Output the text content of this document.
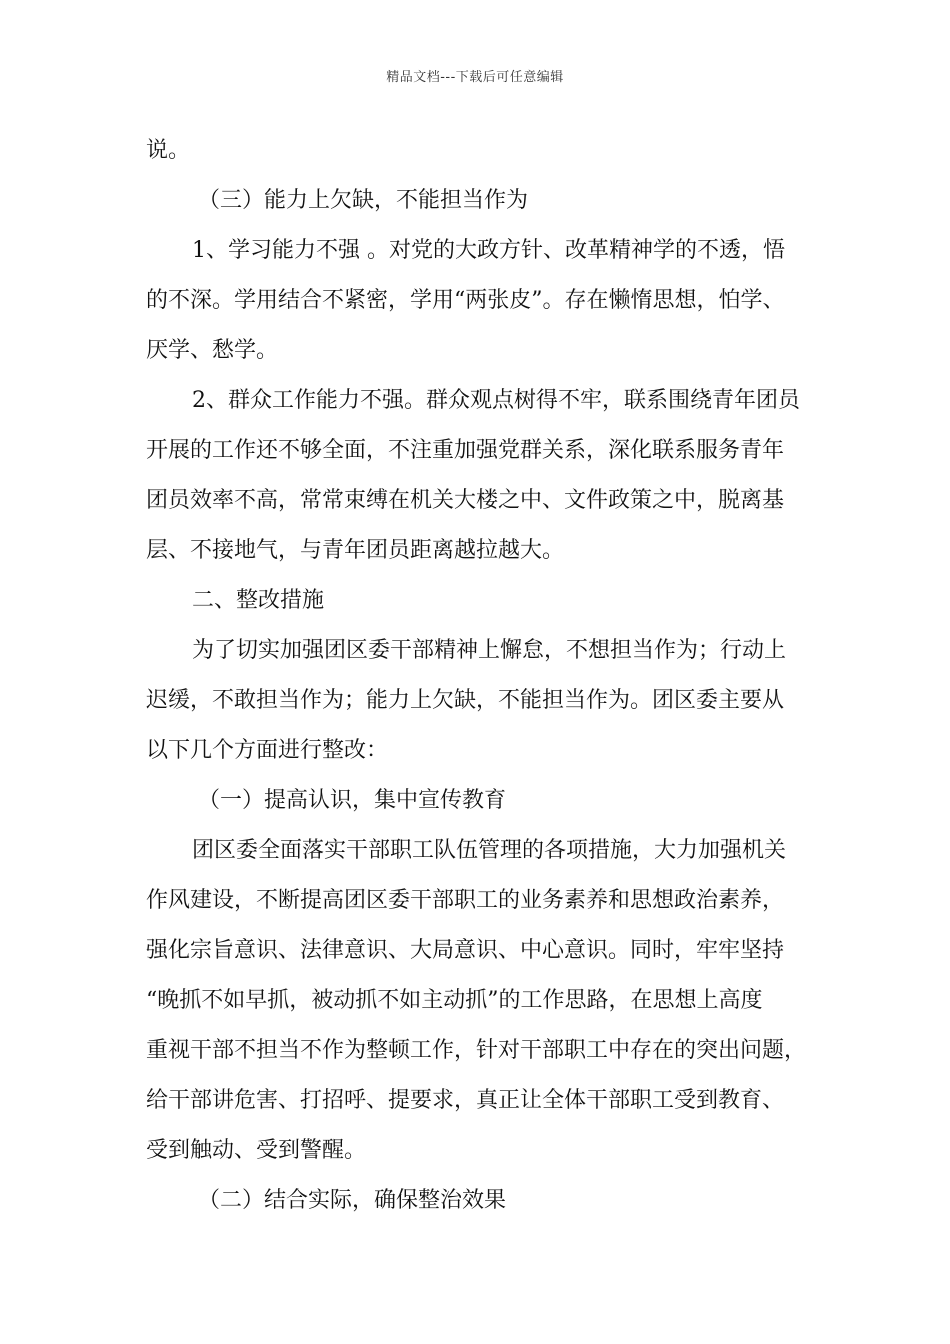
精品文档---下载后可任意编辑
说。
（三）能力上欠缺，不能担当作为
1、学习能力不强 。对党的大政方针、改革精神学的不透，悟
的不深。学用结合不紧密，学用“两张皮”。存在懒惰思想，怕学、
厌学、愁学。
2、群众工作能力不强。群众观点树得不牢，联系围绕青年团员
开展的工作还不够全面，不注重加强党群关系，深化联系服务青年
团员效率不高，常常束缚在机关大楼之中、文件政策之中，脱离基
层、不接地气，与青年团员距离越拉越大。
二、整改措施
为了切实加强团区委干部精神上懈怠，不想担当作为；行动上
迟缓，不敢担当作为；能力上欠缺，不能担当作为。团区委主要从
以下几个方面进行整改：
（一）提高认识，集中宣传教育
团区委全面落实干部职工队伍管理的各项措施，大力加强机关
作风建设，不断提高团区委干部职工的业务素养和思想政治素养，
强化宗旨意识、法律意识、大局意识、中心意识。同时，牢牢坚持
“晚抓不如早抓，被动抓不如主动抓”的工作思路，在思想上高度
重视干部不担当不作为整顿工作，针对干部职工中存在的突出问题，
给干部讲危害、打招呼、提要求，真正让全体干部职工受到教育、
受到触动、受到警醒。
（二）结合实际，确保整治效果
